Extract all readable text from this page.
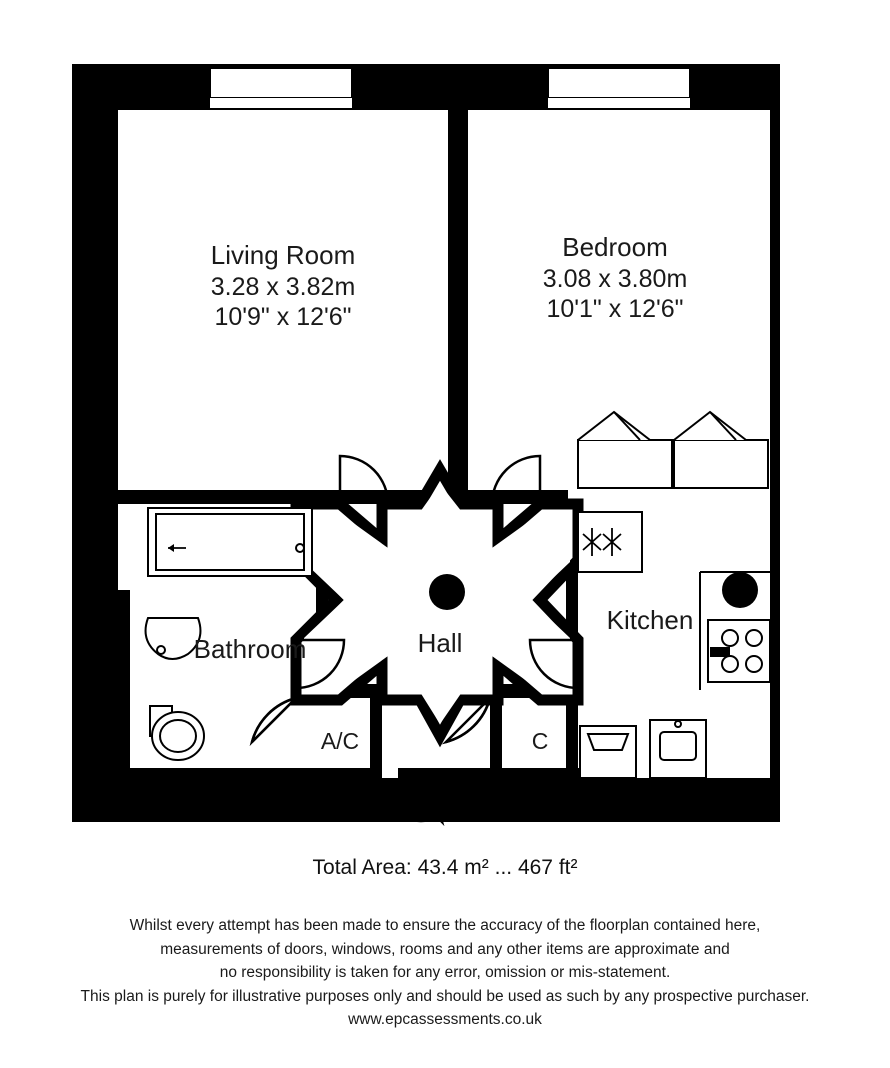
Living Room
3.28 x 3.82m
10'9" x 12'6"
Bedroom
3.08 x 3.80m
10'1" x 12'6"
Hall
Bathroom
Kitchen
A/C	C
Total Area: 43.4 m² ... 467 ft²
Whilst every attempt has been made to ensure the accuracy of the floorplan contained here,
measurements of doors, windows, rooms and any other items are approximate and
no responsibility is taken for any error, omission or mis-statement.
This plan is purely for illustrative purposes only and should be used as such by any prospective purchaser.
www.epcassessments.co.uk
